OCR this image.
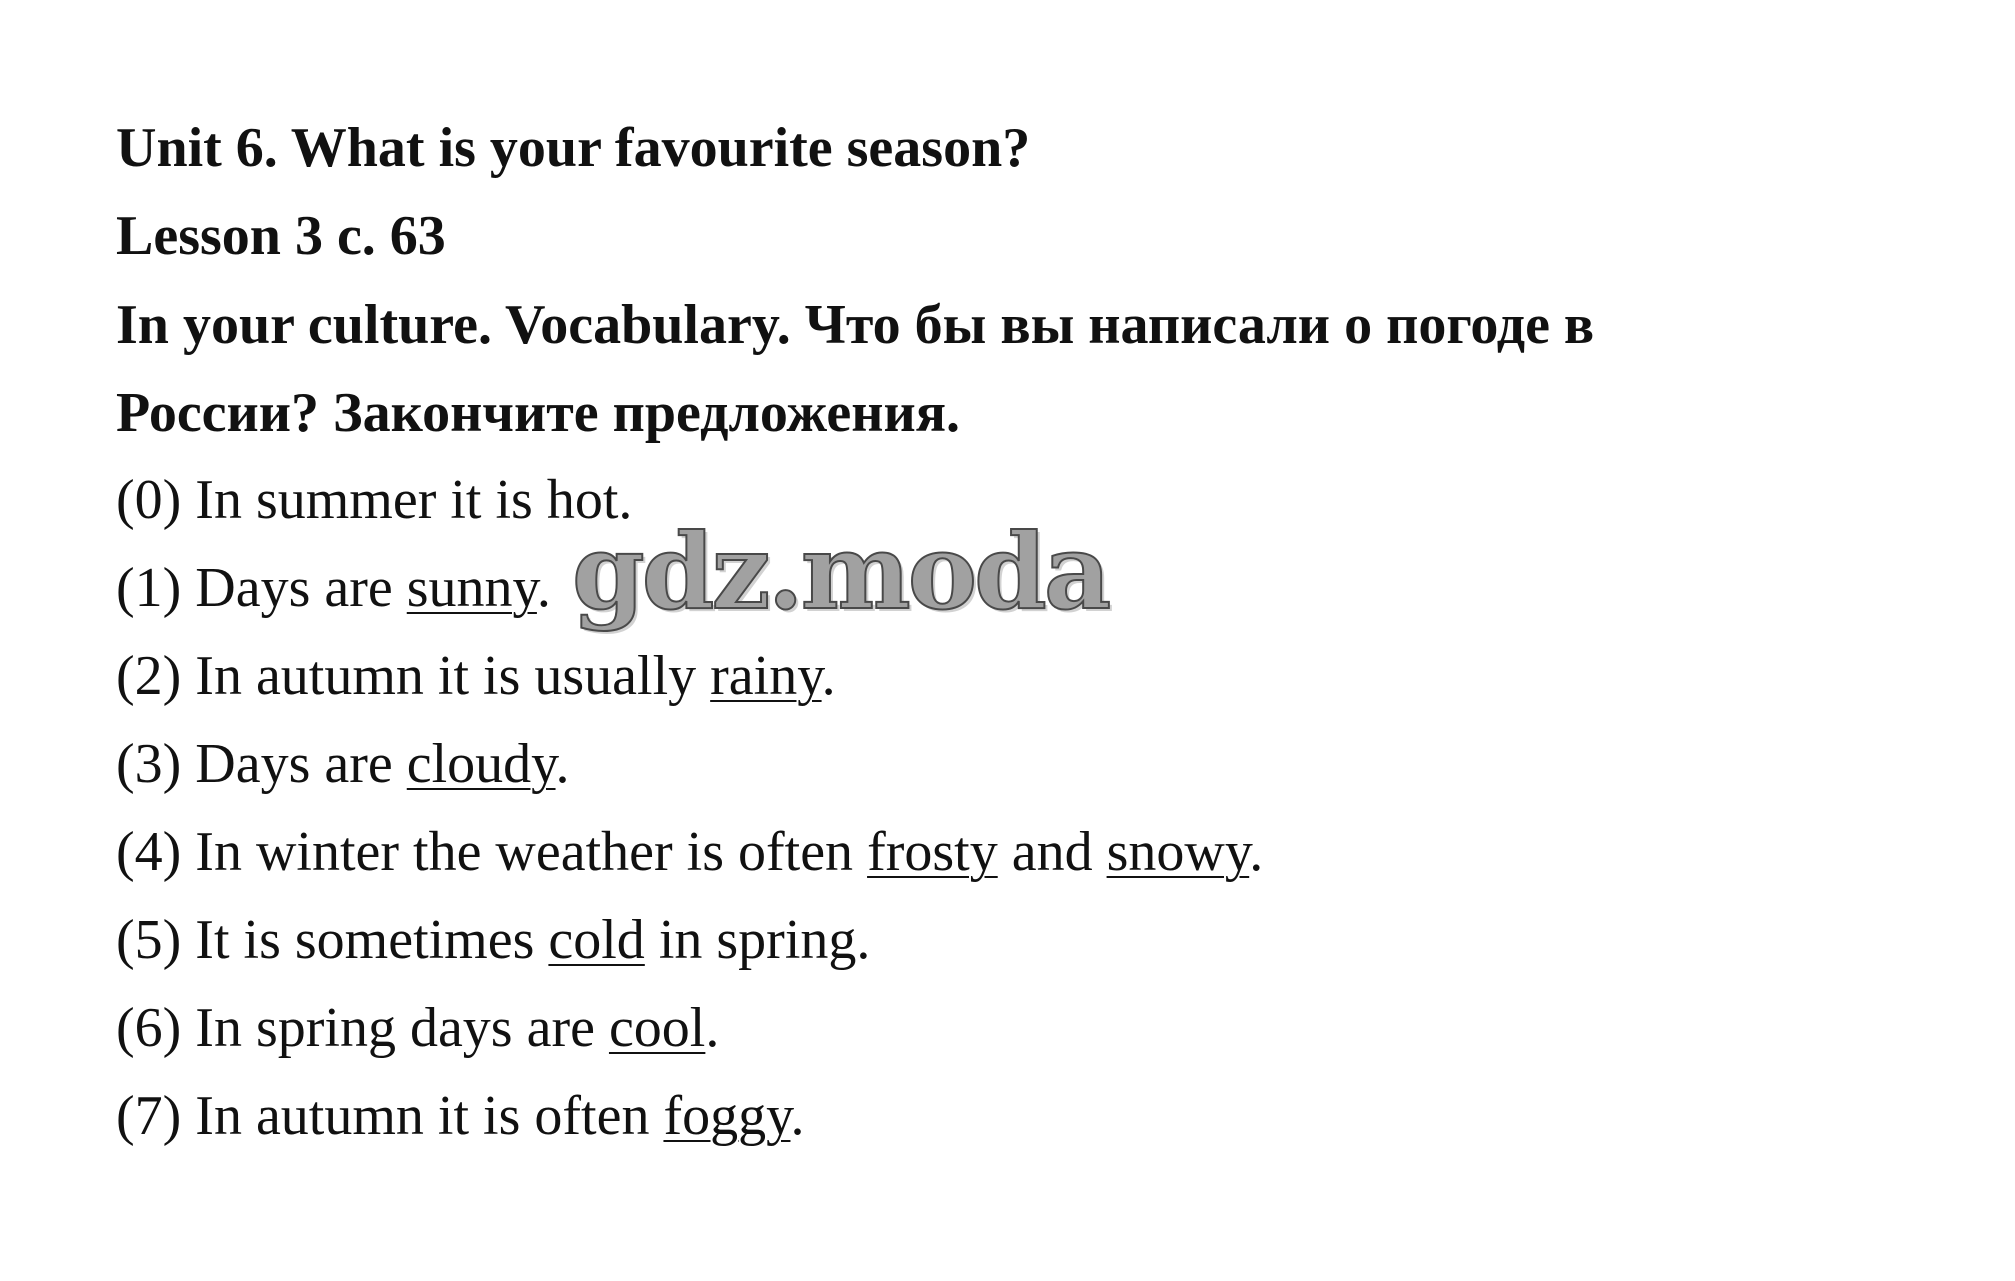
Unit 6. What is your favourite season?
Lesson 3 с. 63
In your culture. Vocabulary. Что бы вы написали о погоде в
России? Закончите предложения.
(0) In summer it is hot.
(1) Days are sunny.
(2) In autumn it is usually rainy.
(3) Days are cloudy.
(4) In winter the weather is often frosty and snowy.
(5) It is sometimes cold in spring.
(6) In spring days are cool.
(7) In autumn it is often foggy.
gdz.moda
